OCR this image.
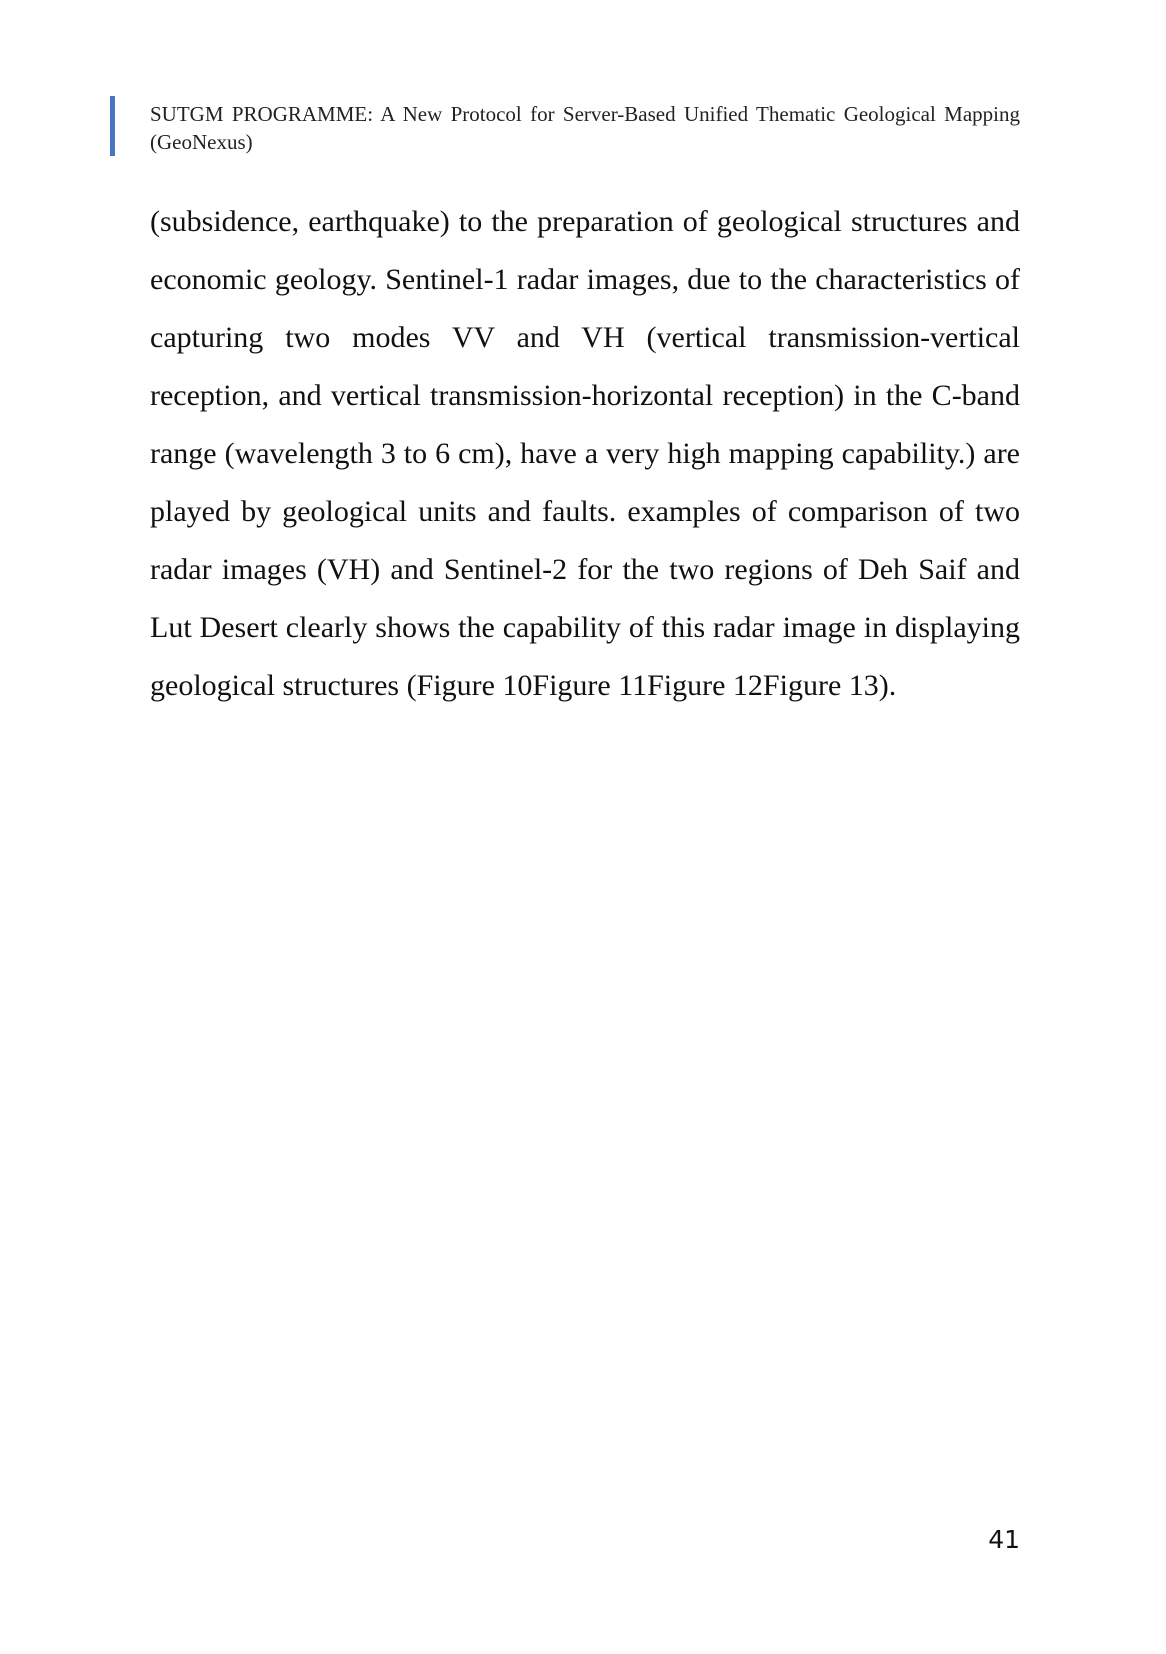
SUTGM PROGRAMME: A New Protocol for Server-Based Unified Thematic Geological Mapping (GeoNexus)

(subsidence, earthquake) to the preparation of geological structures and economic geology. Sentinel-1 radar images, due to the characteristics of capturing two modes VV and VH (vertical transmission-vertical reception, and vertical transmission-horizontal reception) in the C-band range (wavelength 3 to 6 cm), have a very high mapping capability.) are played by geological units and faults. examples of comparison of two radar images (VH) and Sentinel-2 for the two regions of Deh Saif and Lut Desert clearly shows the capability of this radar image in displaying geological structures (Figure 10Figure 11Figure 12Figure 13).

41
